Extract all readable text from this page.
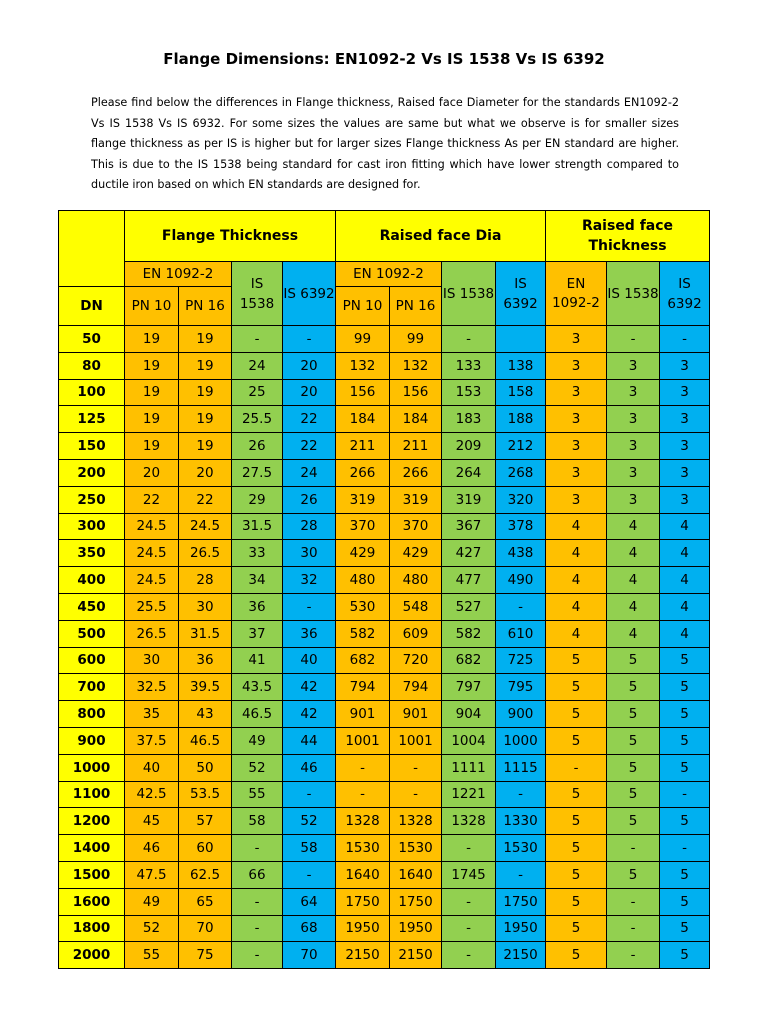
Flange Dimensions: EN1092-2 Vs IS 1538 Vs IS 6392
Please find below the differences in Flange thickness, Raised face Diameter for the standards EN1092-2 Vs IS 1538 Vs IS 6932. For some sizes the values are same but what we observe is for smaller sizes flange thickness as per IS is higher but for larger sizes Flange thickness As per EN standard are higher. This is due to the IS 1538 being standard for cast iron fitting which have lower strength compared to ductile iron based on which EN standards are designed for.
	Flange Thickness				Raised face Dia				Raised face Thickness		
	EN 1092-2		IS 1538	IS 6392	EN 1092-2		IS 1538	IS 6392	EN 1092-2	IS 1538	IS 6392
DN	PN 10	PN 16			PN 10	PN 16					
50	19	19	-	-	99	99	-		3	-	-
80	19	19	24	20	132	132	133	138	3	3	3
100	19	19	25	20	156	156	153	158	3	3	3
125	19	19	25.5	22	184	184	183	188	3	3	3
150	19	19	26	22	211	211	209	212	3	3	3
200	20	20	27.5	24	266	266	264	268	3	3	3
250	22	22	29	26	319	319	319	320	3	3	3
300	24.5	24.5	31.5	28	370	370	367	378	4	4	4
350	24.5	26.5	33	30	429	429	427	438	4	4	4
400	24.5	28	34	32	480	480	477	490	4	4	4
450	25.5	30	36	-	530	548	527	-	4	4	4
500	26.5	31.5	37	36	582	609	582	610	4	4	4
600	30	36	41	40	682	720	682	725	5	5	5
700	32.5	39.5	43.5	42	794	794	797	795	5	5	5
800	35	43	46.5	42	901	901	904	900	5	5	5
900	37.5	46.5	49	44	1001	1001	1004	1000	5	5	5
1000	40	50	52	46	-	-	1111	1115	-	5	5
1100	42.5	53.5	55	-	-	-	1221	-	5	5	-
1200	45	57	58	52	1328	1328	1328	1330	5	5	5
1400	46	60	-	58	1530	1530	-	1530	5	-	-
1500	47.5	62.5	66	-	1640	1640	1745	-	5	5	5
1600	49	65	-	64	1750	1750	-	1750	5	-	5
1800	52	70	-	68	1950	1950	-	1950	5	-	5
2000	55	75	-	70	2150	2150	-	2150	5	-	5
